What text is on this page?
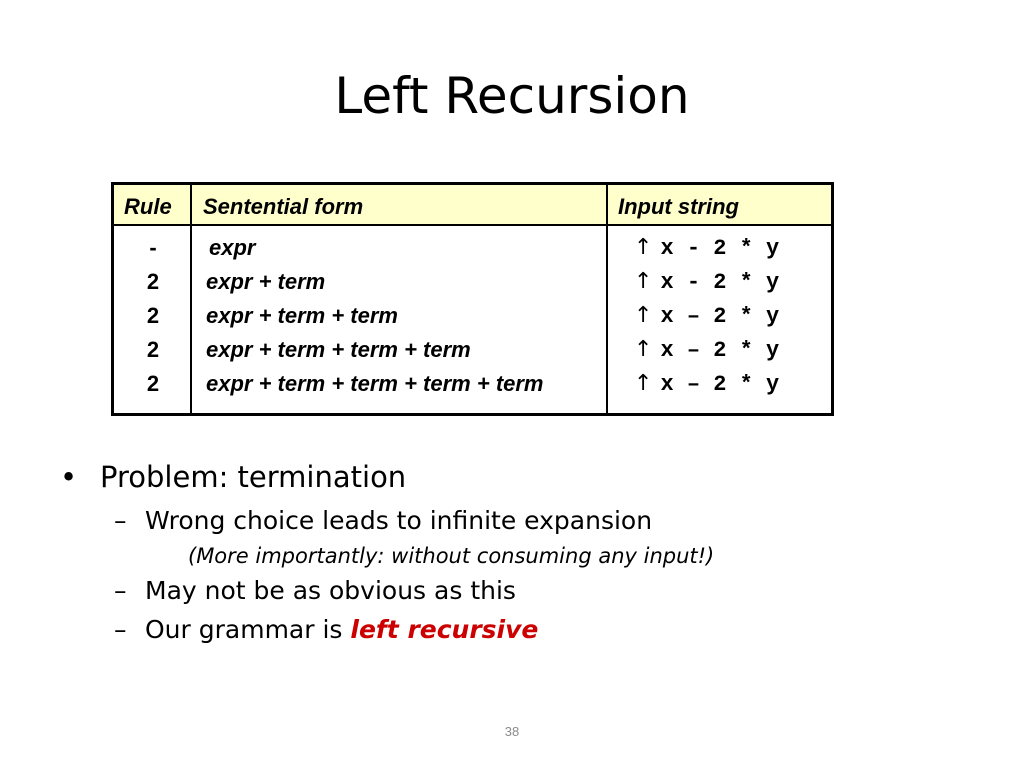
Left Recursion
Rule Sentential form	Input string
-
2
2
2
2
expr
expr + term
expr + term + term
expr + term + term + term
expr + term + term + term + term
↑ x - 2 * y
↑ x - 2 * y
↑ x – 2 * y
↑ x – 2 * y
↑ x – 2 * y
• Problem: termination
– Wrong choice leads to infinite expansion
(More importantly: without consuming any input!)
– May not be as obvious as this
– Our grammar is left recursive
38
